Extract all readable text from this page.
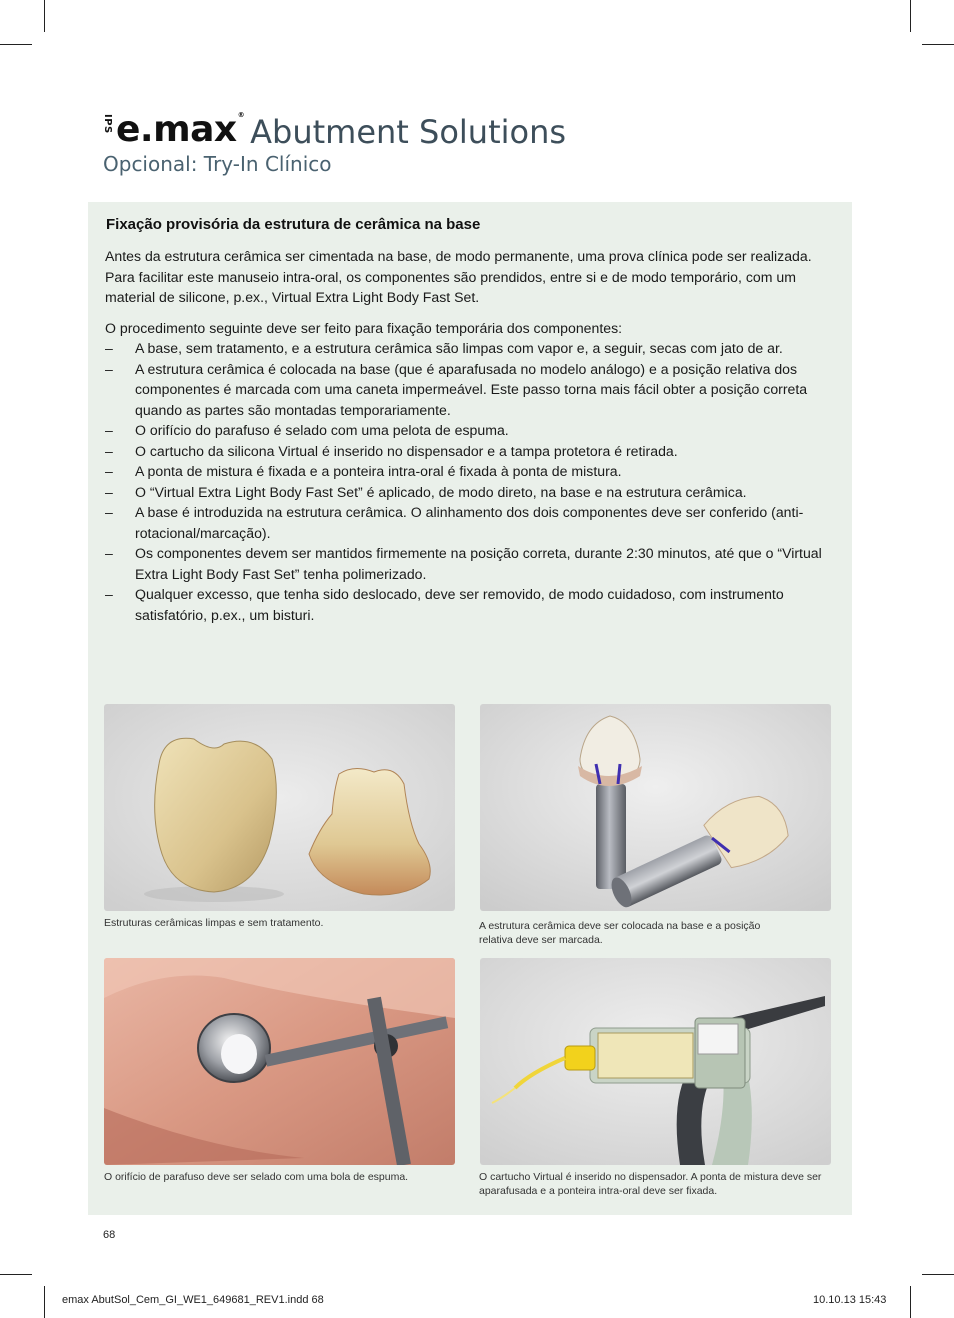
IPS e.max® Abutment Solutions
Opcional: Try-In Clínico
Fixação provisória da estrutura de cerâmica na base

Antes da estrutura cerâmica ser cimentada na base, de modo permanente, uma prova clínica pode ser realizada. Para facilitar este manuseio intra-oral, os componentes são prendidos, entre si e de modo temporário, com um material de silicone, p.ex., Virtual Extra Light Body Fast Set.

O procedimento seguinte deve ser feito para fixação temporária dos componentes:
– A base, sem tratamento, e a estrutura cerâmica são limpas com vapor e, a seguir, secas com jato de ar.
– A estrutura cerâmica é colocada na base (que é aparafusada no modelo análogo) e a posição relativa dos componentes é marcada com uma caneta impermeável. Este passo torna mais fácil obter a posição correta quando as partes são montadas temporariamente.
– O orifício do parafuso é selado com uma pelota de espuma.
– O cartucho da silicona Virtual é inserido no dispensador e a tampa protetora é retirada.
– A ponta de mistura é fixada e a ponteira intra-oral é fixada à ponta de mistura.
– O “Virtual Extra Light Body Fast Set” é aplicado, de modo direto, na base e na estrutura cerâmica.
– A base é introduzida na estrutura cerâmica. O alinhamento dos dois componentes deve ser conferido (anti-rotacional/marcação).
– Os componentes devem ser mantidos firmemente na posição correta, durante 2:30 minutos, até que o “Virtual Extra Light Body Fast Set” tenha polimerizado.
– Qualquer excesso, que tenha sido deslocado, deve ser removido, de modo cuidadoso, com instrumento satisfatório, p.ex., um bisturi.
Estruturas cerâmicas limpas e sem tratamento.	A estrutura cerâmica deve ser colocada na base e a posição
relativa deve ser marcada.
O orifício de parafuso deve ser selado com uma bola de espuma.	O cartucho Virtual é inserido no dispensador. A ponta de mistura deve ser
aparafusada e a ponteira intra-oral deve ser fixada.
68
emax AbutSol_Cem_GI_WE1_649681_REV1.indd 68	10.10.13 15:43
